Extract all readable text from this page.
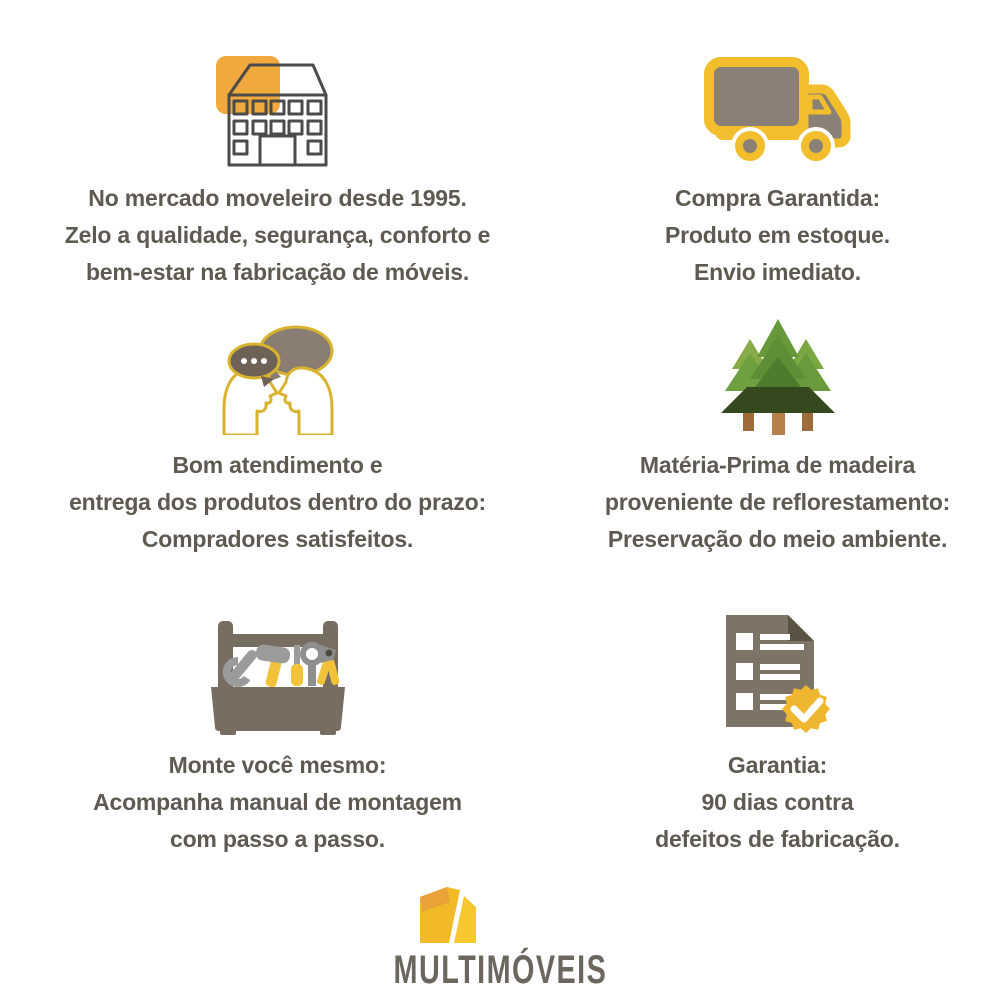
No mercado moveleiro desde 1995.
Zelo a qualidade, segurança, conforto e
bem-estar na fabricação de móveis.
Compra Garantida:
Produto em estoque.
Envio imediato.
Bom atendimento e
entrega dos produtos dentro do prazo:
Compradores satisfeitos.
Matéria-Prima de madeira
proveniente de reflorestamento:
Preservação do meio ambiente.
Monte você mesmo:
Acompanha manual de montagem
com passo a passo.
Garantia:
90 dias contra
defeitos de fabricação.
MULTIMÓVEIS
